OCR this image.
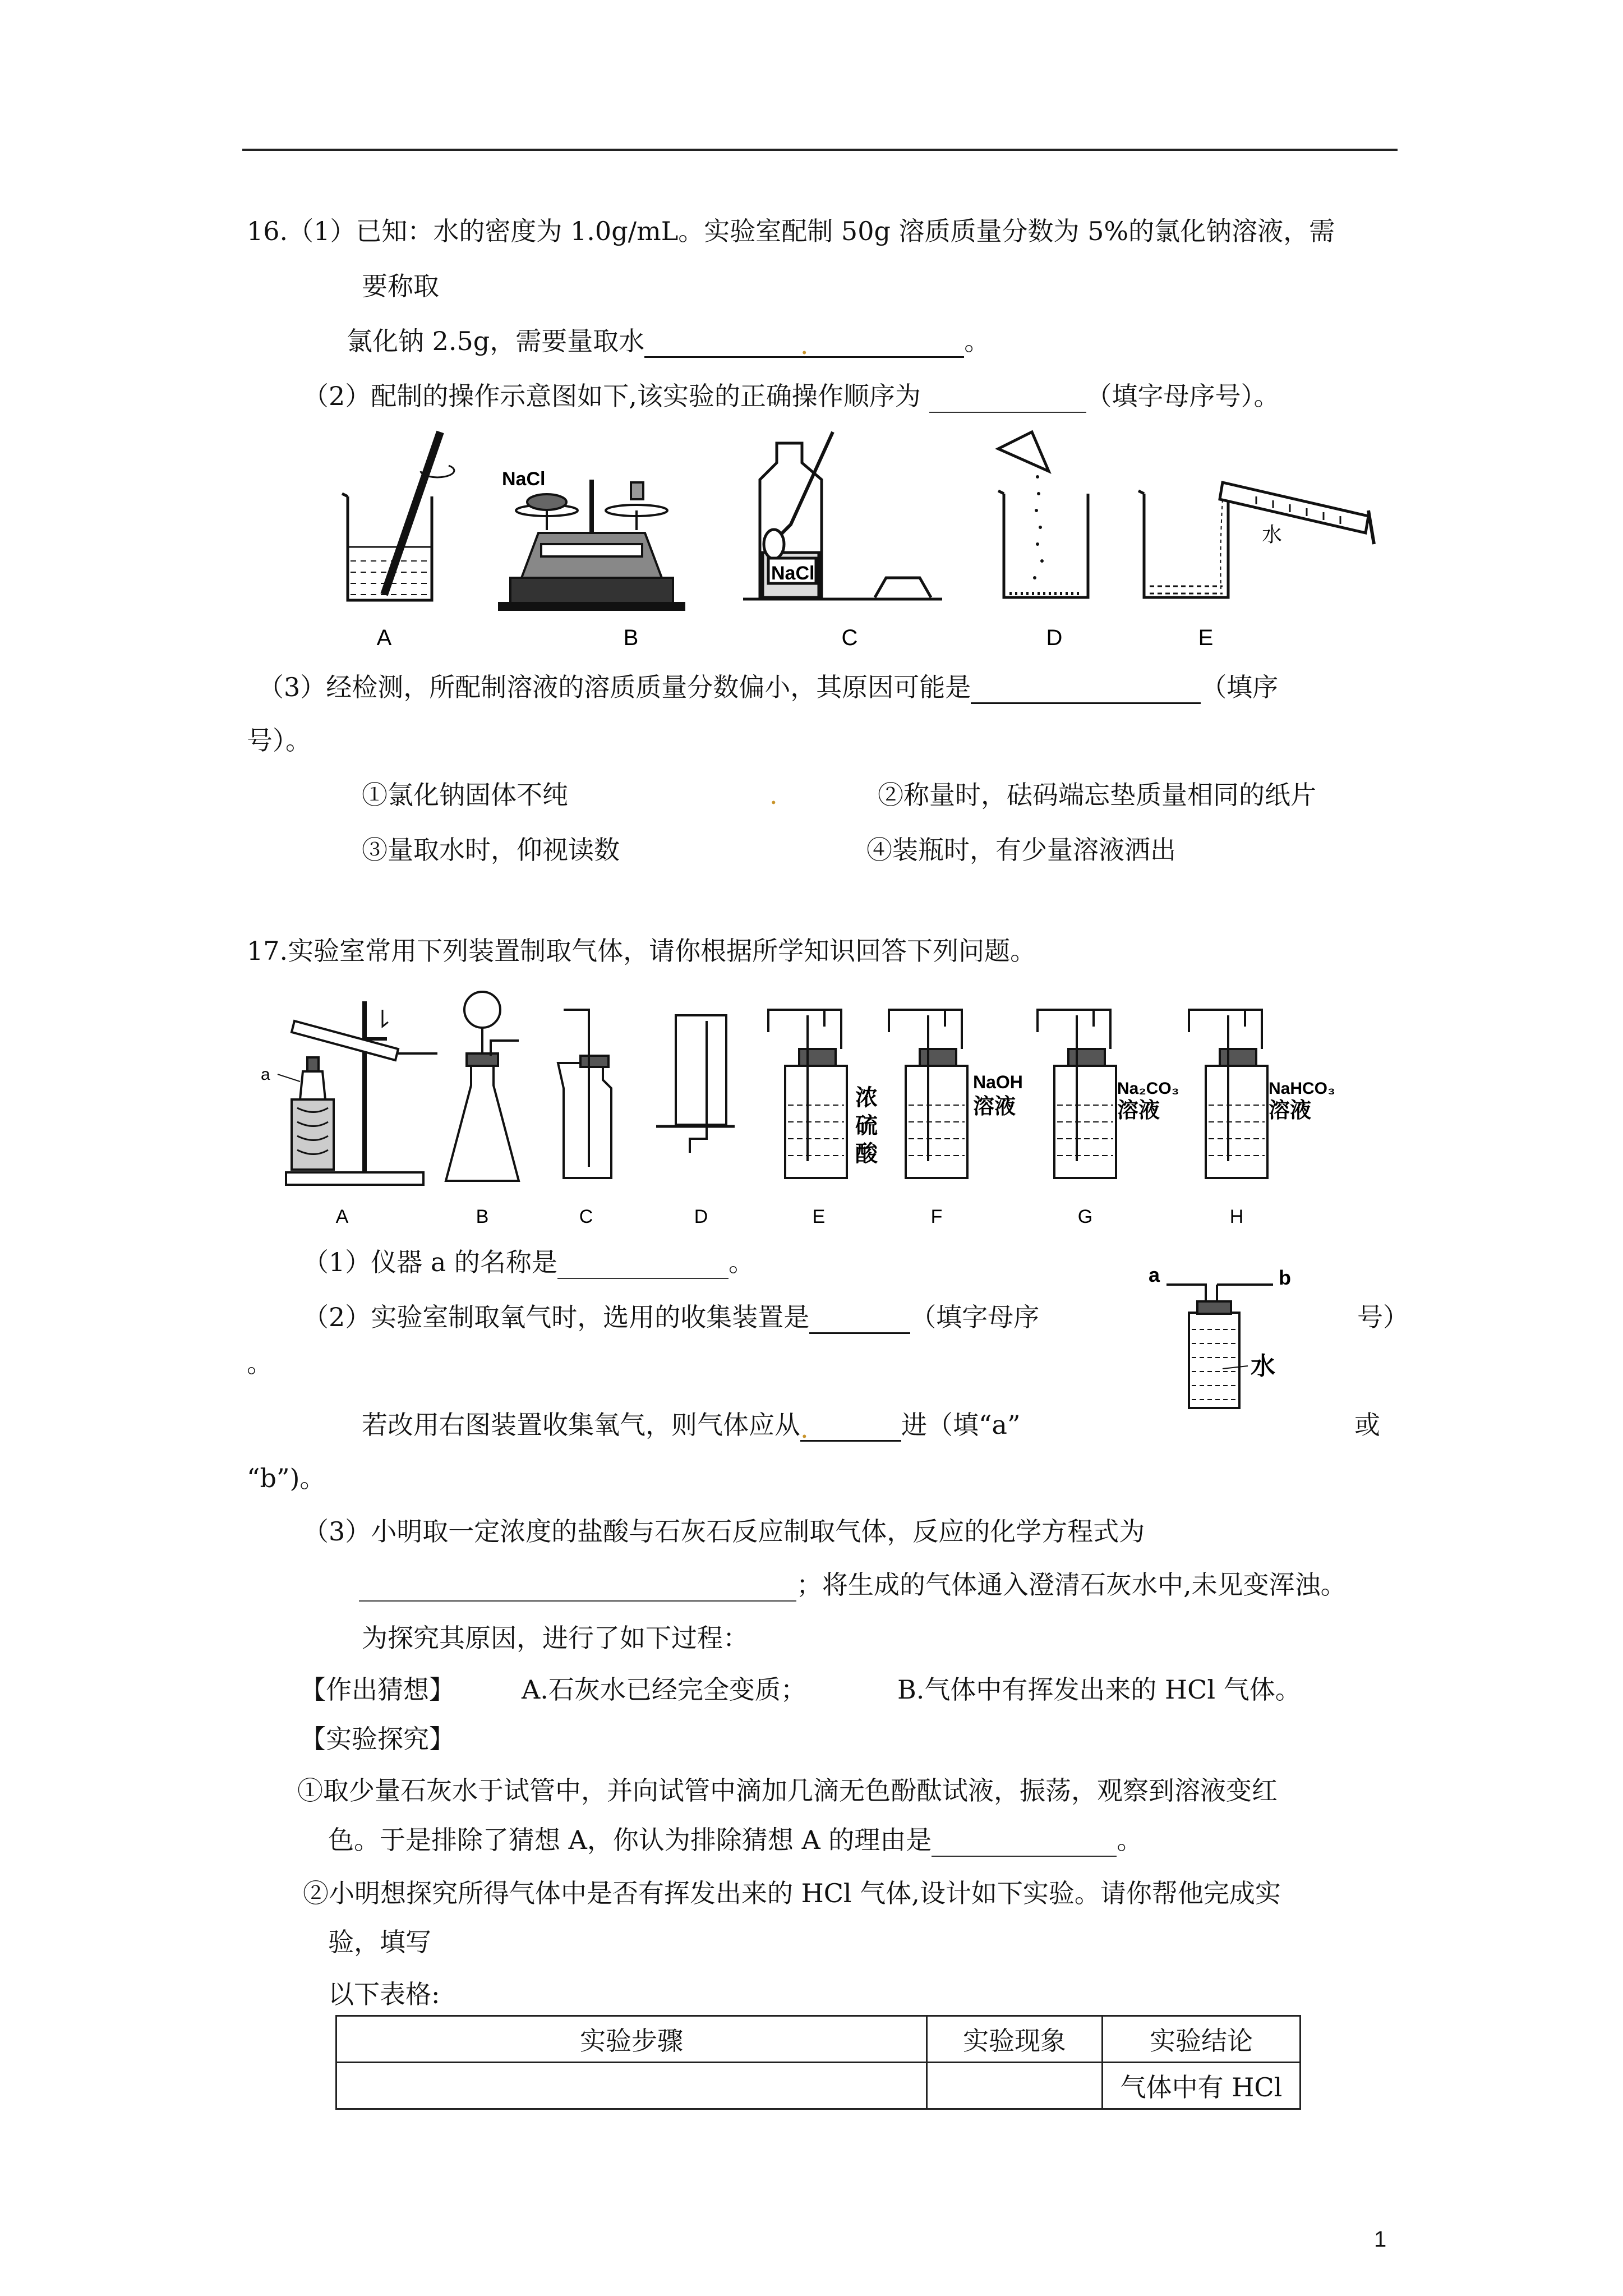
16.（1）已知：水的密度为 1.0g/mL。实验室配制 50g 溶质质量分数为 5%的氯化钠溶液，需
要称取
氯化钠 2.5g，需要量取水	.	。
（2）配制的操作示意图如下,该实验的正确操作顺序为	（填字母序号）。
A
NaCl
B
NaCl
C	D
水
E
（3）经检测，所配制溶液的溶质质量分数偏小，其原因可能是	（填序
号）。
①氯化钠固体不纯	.	②称量时，砝码端忘垫质量相同的纸片
③量取水时，仰视读数	④装瓶时，有少量溶液洒出
17.实验室常用下列装置制取气体，请你根据所学知识回答下列问题。
a
A	B	C	D
浓
硫
酸
E
NaOH
溶液
F
Na₂CO₃
溶液
G
NaHCO₃
溶液
H
（1）仪器 a 的名称是	。	a	b
水
（2）实验室制取氧气时，选用的收集装置是	（填字母序	号）
。
若改用右图装置收集氧气，则气体应从.	进（填“a”	或
“b”)。
（3）小明取一定浓度的盐酸与石灰石反应制取气体，反应的化学方程式为
；将生成的气体通入澄清石灰水中,未见变浑浊。
为探究其原因，进行了如下过程：
【作出猜想】	A.石灰水已经完全变质；	B.气体中有挥发出来的 HCl 气体。
【实验探究】
①取少量石灰水于试管中，并向试管中滴加几滴无色酚酞试液，振荡，观察到溶液变红
色。于是排除了猜想 A，你认为排除猜想 A 的理由是	。
②小明想探究所得气体中是否有挥发出来的 HCl 气体,设计如下实验。请你帮他完成实
验，填写
以下表格:
实验步骤	实验现象	实验结论
		气体中有 HCl
1
